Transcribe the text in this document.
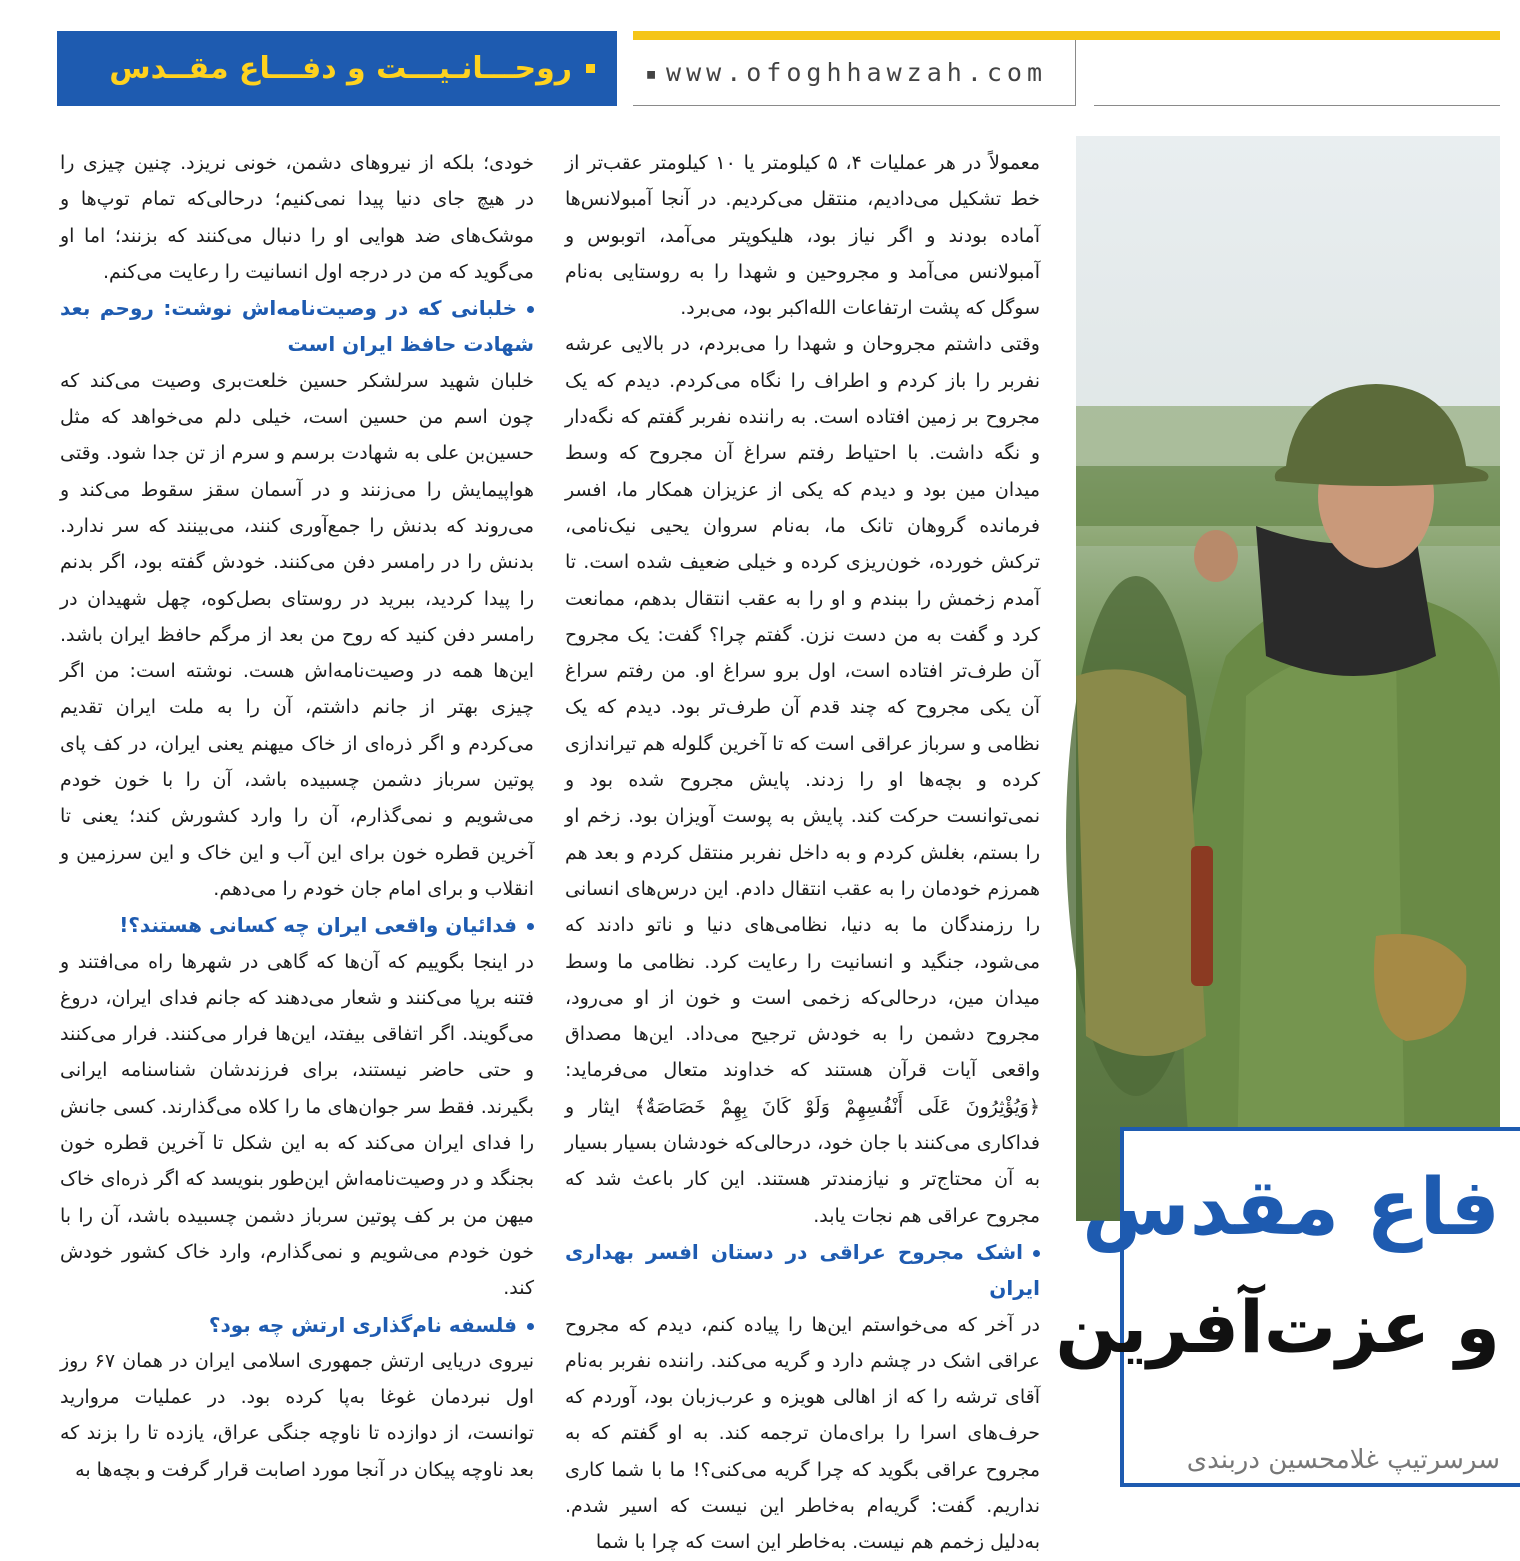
▪ www.ofoghhawzah.com
روحـــانـیـــت و دفـــاع مقــدس

معمولاً در هر عملیات ۴، ۵ کیلومتر یا ۱۰ کیلومتر عقب‌تر از خط تشکیل می‌دادیم، منتقل می‌کردیم. در آنجا آمبولانس‌ها آماده بودند و اگر نیاز بود، هلیکوپتر می‌آمد، اتوبوس و آمبولانس می‌آمد و مجروحین و شهدا را به روستایی به‌نام سوگل که پشت ارتفاعات الله‌اکبر بود، می‌برد.

وقتی داشتم مجروحان و شهدا را می‌بردم، در بالایی عرشه نفربر را باز کردم و اطراف را نگاه می‌کردم. دیدم که یک مجروح بر زمین افتاده است. به راننده نفربر گفتم که نگه‌دار و نگه داشت. با احتیاط رفتم سراغ آن مجروح که وسط میدان مین بود و دیدم که یکی از عزیزان همکار ما، افسر فرمانده گروهان تانک ما، به‌نام سروان یحیی نیک‌نامی، ترکش خورده، خون‌ریزی کرده و خیلی ضعیف شده است. تا آمدم زخمش را ببندم و او را به عقب انتقال بدهم، ممانعت کرد و گفت به من دست نزن. گفتم چرا؟ گفت: یک مجروح آن طرف‌تر افتاده است، اول برو سراغ او. من رفتم سراغ آن یکی مجروح که چند قدم آن طرف‌تر بود. دیدم که یک نظامی و سرباز عراقی است که تا آخرین گلوله هم تیراندازی کرده و بچه‌ها او را زدند. پایش مجروح شده بود و نمی‌توانست حرکت کند. پایش به پوست آویزان بود. زخم او را بستم، بغلش کردم و به داخل نفربر منتقل کردم و بعد هم همرزم خودمان را به عقب انتقال دادم. این درس‌های انسانی را رزمندگان ما به دنیا، نظامی‌های دنیا و ناتو دادند که می‌شود، جنگید و انسانیت را رعایت کرد. نظامی ما وسط میدان مین، درحالی‌که زخمی است و خون از او می‌رود، مجروح دشمن را به خودش ترجیح می‌داد. این‌ها مصداق واقعی آیات قرآن هستند که خداوند متعال می‌فرماید: ﴿وَیُؤْثِرُونَ عَلَى أَنْفُسِهِمْ وَلَوْ كَانَ بِهِمْ خَصَاصَةٌ﴾ ایثار و فداکاری می‌کنند با جان خود، درحالی‌که خودشان بسیار بسیار به آن محتاج‌تر و نیازمندتر هستند. این کار باعث شد که مجروح عراقی هم نجات یابد.

اشک مجروح عراقی در دستان افسر بهداری ایران

در آخر که می‌خواستم این‌ها را پیاده کنم، دیدم که مجروح عراقی اشک در چشم دارد و گریه می‌کند. راننده نفربر به‌نام آقای ترشه را که از اهالی هویزه و عرب‌زبان بود، آوردم که حرف‌های اسرا را برای‌مان ترجمه کند. به او گفتم که به مجروح عراقی بگوید که چرا گریه می‌کنی؟! ما با شما کاری نداریم. گفت: گریه‌ام به‌خاطر این نیست که اسیر شدم. به‌دلیل زخمم هم نیست. به‌خاطر این است که چرا با شما

خودی؛ بلکه از نیروهای دشمن، خونی نریزد. چنین چیزی را در هیچ جای دنیا پیدا نمی‌کنیم؛ درحالی‌که تمام توپ‌ها و موشک‌های ضد هوایی او را دنبال می‌کنند که بزنند؛ اما او می‌گوید که من در درجه اول انسانیت را رعایت می‌کنم.

خلبانی که در وصیت‌نامه‌اش نوشت: روحم بعد شهادت حافظ ایران است

خلبان شهید سرلشکر حسین خلعت‌بری وصیت می‌کند که چون اسم من حسین است، خیلی دلم می‌خواهد که مثل حسین‌بن علی به شهادت برسم و سرم از تن جدا شود. وقتی هواپیمایش را می‌زنند و در آسمان سقز سقوط می‌کند و می‌روند که بدنش را جمع‌آوری کنند، می‌بینند که سر ندارد. بدنش را در رامسر دفن می‌کنند. خودش گفته بود، اگر بدنم را پیدا کردید، ببرید در روستای بصل‌کوه، چهل شهیدان در رامسر دفن کنید که روح من بعد از مرگم حافظ ایران باشد. این‌ها همه در وصیت‌نامه‌اش هست. نوشته است: من اگر چیزی بهتر از جانم داشتم، آن را به ملت ایران تقدیم می‌کردم و اگر ذره‌ای از خاک میهنم یعنی ایران، در کف پای پوتین سرباز دشمن چسبیده باشد، آن را با خون خودم می‌شویم و نمی‌گذارم، آن را وارد کشورش کند؛ یعنی تا آخرین قطره خون برای این آب و این خاک و این سرزمین و انقلاب و برای امام جان خودم را می‌دهم.

فدائیان واقعی ایران چه کسانی هستند؟!

در اینجا بگوییم که آن‌ها که گاهی در شهرها راه می‌افتند و فتنه برپا می‌کنند و شعار می‌دهند که جانم فدای ایران، دروغ می‌گویند. اگر اتفاقی بیفتد، این‌ها فرار می‌کنند. فرار می‌کنند و حتی حاضر نیستند، برای فرزندشان شناسنامه ایرانی بگیرند. فقط سر جوان‌های ما را کلاه می‌گذارند. کسی جانش را فدای ایران می‌کند که به این شکل تا آخرین قطره خون بجنگد و در وصیت‌نامه‌اش این‌طور بنویسد که اگر ذره‌ای خاک میهن من بر کف پوتین سرباز دشمن چسبیده باشد، آن را با خون خودم می‌شویم و نمی‌گذارم، وارد خاک کشور خودش کند.

فلسفه نام‌گذاری ارتش چه بود؟

نیروی دریایی ارتش جمهوری اسلامی ایران در همان ۶۷ روز اول نبردمان غوغا به‌پا کرده بود. در عملیات مروارید توانست، از دوازده تا ناوچه جنگی عراق، یازده تا را بزند که بعد ناوچه پیکان در آنجا مورد اصابت قرار گرفت و بچه‌ها به

فاع مقدس
و عزت‌آفرین
سرسرتیپ غلامحسین دربندی
